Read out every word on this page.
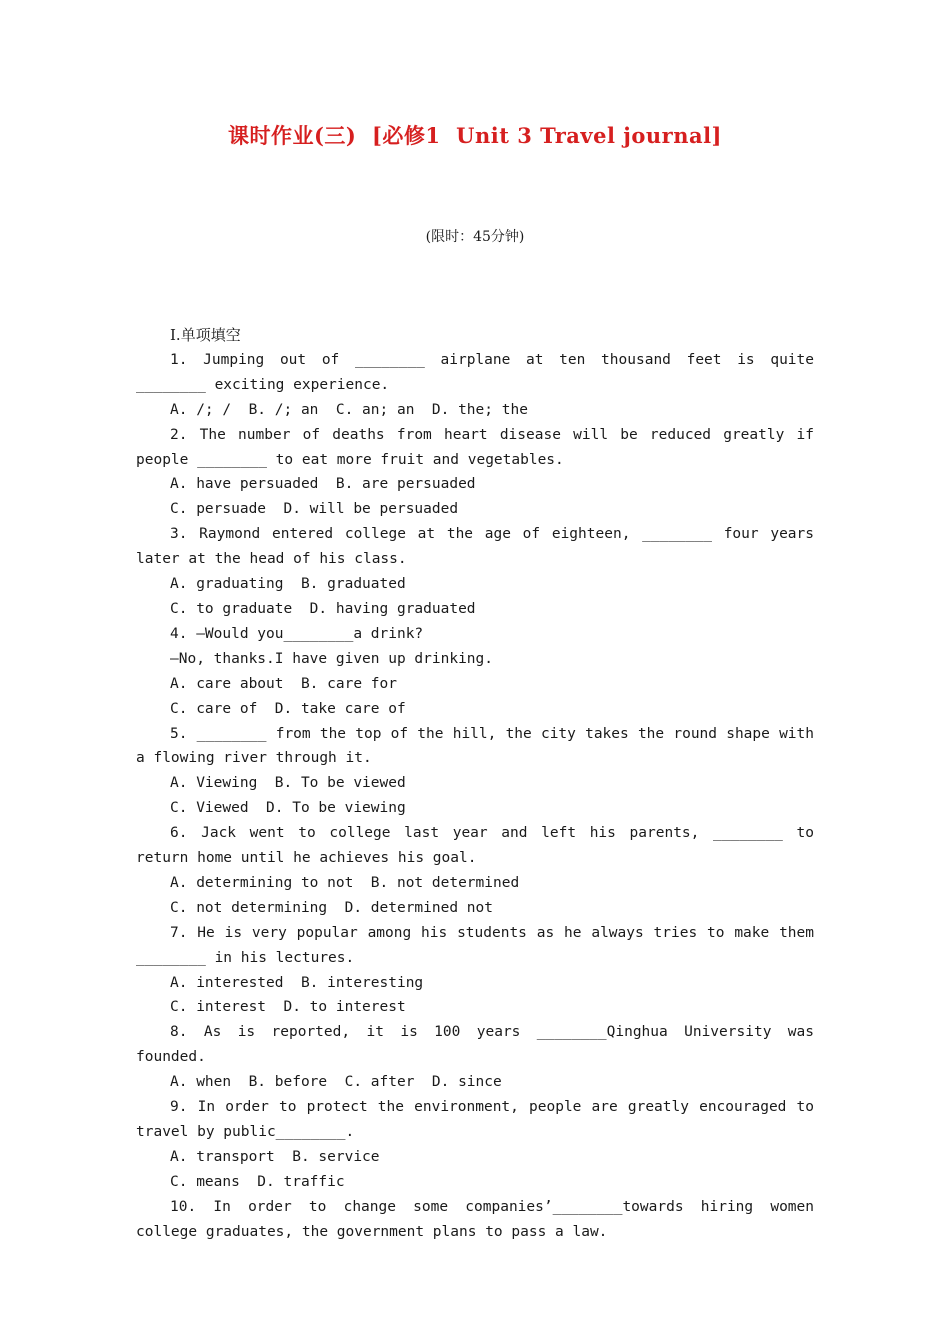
课时作业(三)  [必修1  Unit 3 Travel journal]
(限时：45分钟)
Ⅰ.单项填空

1. Jumping out of ________ airplane at ten thousand feet is quite ________ exciting experience.

A. /; /  B. /; an  C. an; an  D. the; the

2. The number of deaths from heart disease will be reduced greatly if people ________ to eat more fruit and vegetables.

A. have persuaded  B. are persuaded

C. persuade  D. will be persuaded

3. Raymond entered college at the age of eighteen, ________ four years later at the head of his class.

A. graduating  B. graduated

C. to graduate  D. having graduated

4. —Would you________a drink?

—No, thanks.I have given up drinking.

A. care about  B. care for

C. care of  D. take care of

5. ________ from the top of the hill, the city takes the round shape with a flowing river through it.

A. Viewing  B. To be viewed

C. Viewed  D. To be viewing

6. Jack went to college last year and left his parents, ________ to return home until he achieves his goal.

A. determining to not  B. not determined

C. not determining  D. determined not

7. He is very popular among his students as he always tries to make them ________ in his lectures.

A. interested  B. interesting

C. interest  D. to interest

8. As is reported, it is 100 years ________Qinghua University was founded.

A. when  B. before  C. after  D. since

9. In order to protect the environment, people are greatly encouraged to travel by public________.

A. transport  B. service

C. means  D. traffic

10. In order to change some companies’________towards hiring women college graduates, the government plans to pass a law.
